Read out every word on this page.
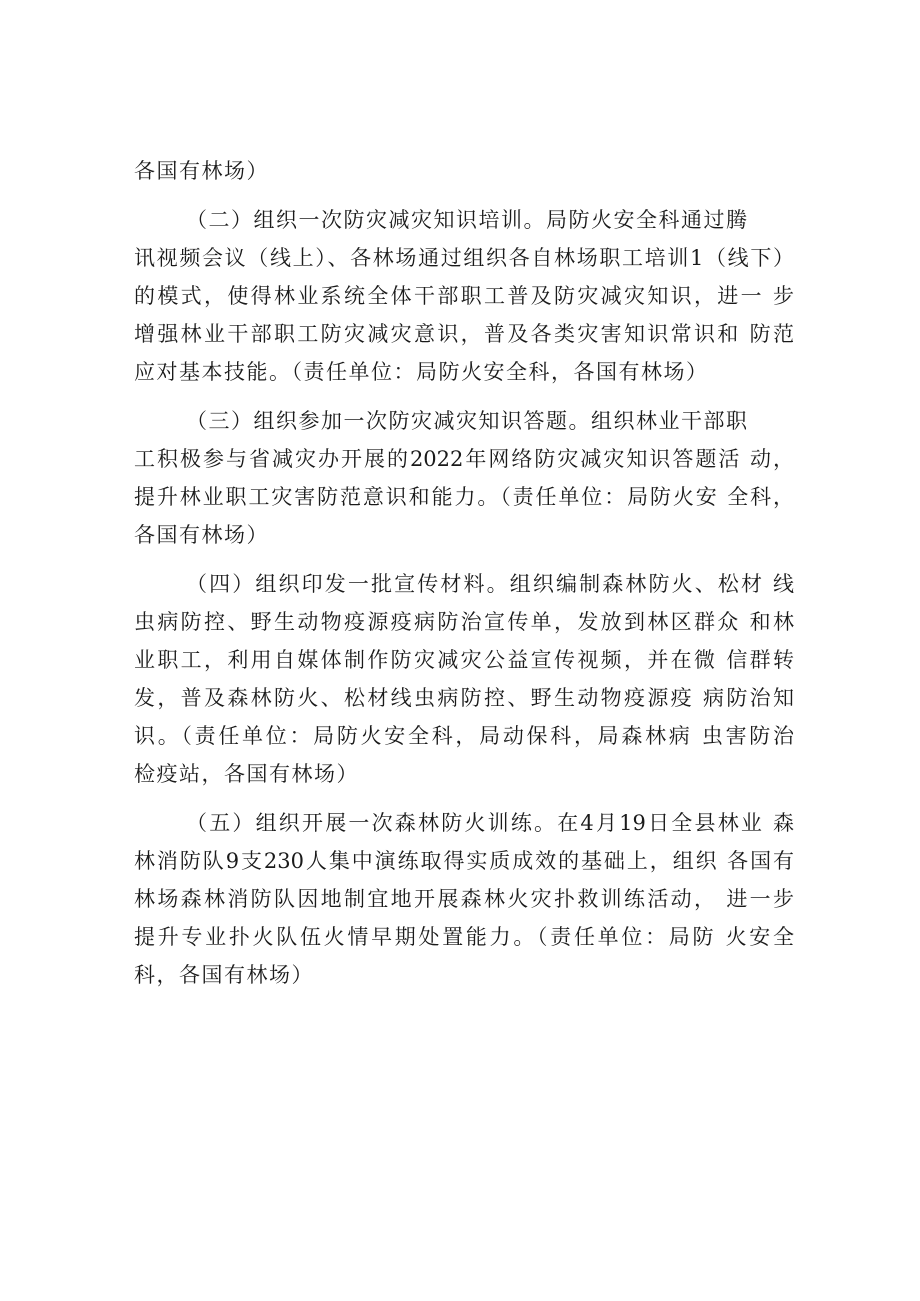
各国有林场）
（二）组织一次防灾减灾知识培训。局防火安全科通过腾
讯视频会议（线上）、各林场通过组织各自林场职工培训1（线下）
的模式，使得林业系统全体干部职工普及防灾减灾知识，进一 步
增强林业干部职工防灾减灾意识，普及各类灾害知识常识和 防范
应对基本技能。（责任单位：局防火安全科，各国有林场）
（三）组织参加一次防灾减灾知识答题。组织林业干部职
工积极参与省减灾办开展的2022年网络防灾减灾知识答题活 动，
提升林业职工灾害防范意识和能力。（责任单位：局防火安 全科，
各国有林场）
（四）组织印发一批宣传材料。组织编制森林防火、松材 线
虫病防控、野生动物疫源疫病防治宣传单，发放到林区群众 和林
业职工，利用自媒体制作防灾减灾公益宣传视频，并在微 信群转
发，普及森林防火、松材线虫病防控、野生动物疫源疫 病防治知
识。（责任单位：局防火安全科，局动保科，局森林病 虫害防治
检疫站，各国有林场）
（五）组织开展一次森林防火训练。在4月19日全县林业 森
林消防队9支230人集中演练取得实质成效的基础上，组织 各国有
林场森林消防队因地制宜地开展森林火灾扑救训练活动， 进一步
提升专业扑火队伍火情早期处置能力。（责任单位：局防 火安全
科，各国有林场）
